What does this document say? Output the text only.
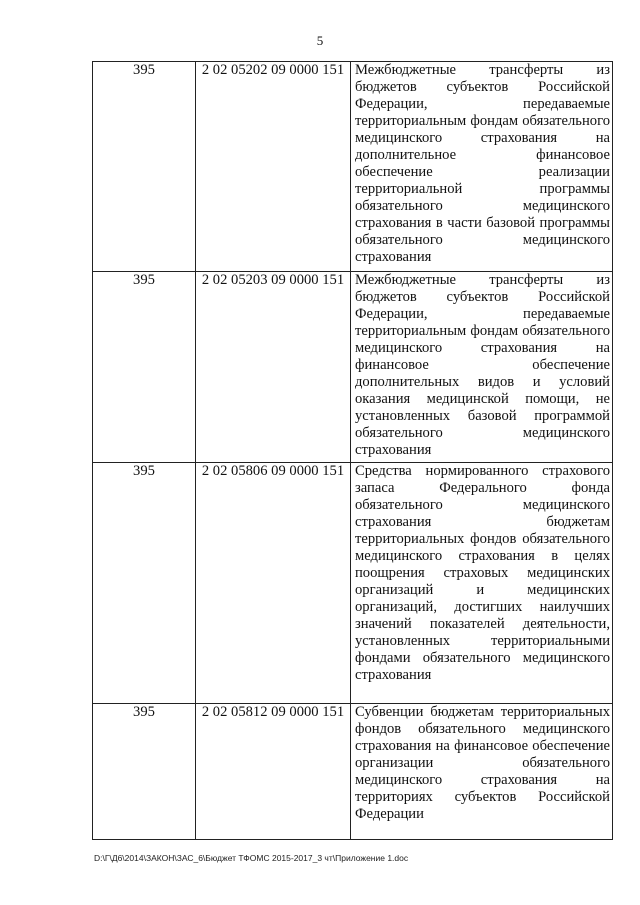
5
395	2 02 05202 09 0000 151	Межбюджетные трансферты из бюджетов субъектов Российской Федерации, передаваемые территориальным фондам обязательного медицинского страхования на дополнительное финансовое обеспечение реализации территориальной программы обязательного медицинского страхования в части базовой программы обязательного медицинского страхования
395	2 02 05203 09 0000 151	Межбюджетные трансферты из бюджетов субъектов Российской Федерации, передаваемые территориальным фондам обязательного медицинского страхования на финансовое обеспечение дополнительных видов и условий оказания медицинской помощи, не установленных базовой программой обязательного медицинского страхования
395	2 02 05806 09 0000 151	Средства нормированного страхового запаса Федерального фонда обязательного медицинского страхования бюджетам территориальных фондов обязательного медицинского страхования в целях поощрения страховых медицинских организаций и медицинских организаций, достигших наилучших значений показателей деятельности, установленных территориальными фондами обязательного медицинского страхования
395	2 02 05812 09 0000 151	Субвенции бюджетам территориальных фондов обязательного медицинского страхования на финансовое обеспечение организации обязательного медицинского страхования на территориях субъектов Российской Федерации
D:\Г\Д6\2014\ЗАКОН\ЗАС_6\Бюджет ТФОМС 2015-2017_3 чт\Приложение 1.doc
